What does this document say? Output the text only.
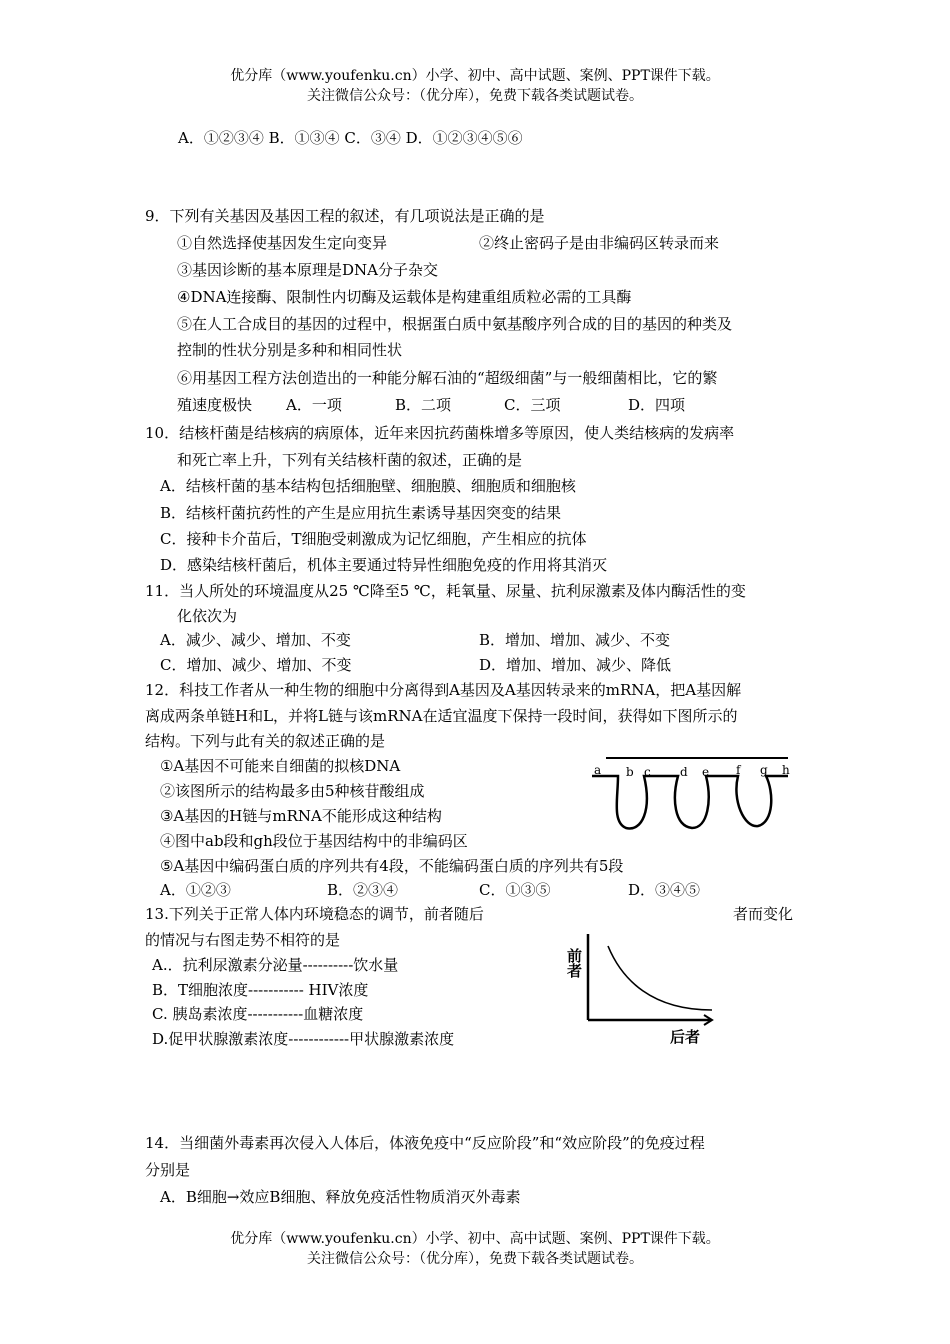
优分库（www.youfenku.cn）小学、初中、高中试题、案例、PPT课件下载。
关注微信公众号：（优分库），免费下载各类试题试卷。
A．①②③④ B．①③④ C．③④ D．①②③④⑤⑥
9．下列有关基因及基因工程的叙述，有几项说法是正确的是
①自然选择使基因发生定向变异	②终止密码子是由非编码区转录而来
③基因诊断的基本原理是DNA分子杂交
④DNA连接酶、限制性内切酶及运载体是构建重组质粒必需的工具酶
⑤在人工合成目的基因的过程中，根据蛋白质中氨基酸序列合成的目的基因的种类及
控制的性状分别是多种和相同性状
⑥用基因工程方法创造出的一种能分解石油的“超级细菌”与一般细菌相比，它的繁
殖速度极快 A．一项	B．二项	C．三项	D．四项
10．结核杆菌是结核病的病原体，近年来因抗药菌株增多等原因，使人类结核病的发病率
和死亡率上升，下列有关结核杆菌的叙述，正确的是
A．结核杆菌的基本结构包括细胞壁、细胞膜、细胞质和细胞核
B．结核杆菌抗药性的产生是应用抗生素诱导基因突变的结果
C．接种卡介苗后，T细胞受刺激成为记忆细胞，产生相应的抗体
D．感染结核杆菌后，机体主要通过特异性细胞免疫的作用将其消灭
11．当人所处的环境温度从25 ℃降至5 ℃，耗氧量、尿量、抗利尿激素及体内酶活性的变
化依次为
A．减少、减少、增加、不变	B．增加、增加、减少、不变
C．增加、减少、增加、不变	D．增加、增加、减少、降低
12．科技工作者从一种生物的细胞中分离得到A基因及A基因转录来的mRNA，把A基因解
离成两条单链H和L，并将L链与该mRNA在适宜温度下保持一段时间，获得如下图所示的
结构。下列与此有关的叙述正确的是
①A基因不可能来自细菌的拟核DNA
②该图所示的结构最多由5种核苷酸组成
③A基因的H链与mRNA不能形成这种结构
④图中ab段和gh段位于基因结构中的非编码区
⑤A基因中编码蛋白质的序列共有4段，不能编码蛋白质的序列共有5段
A．①②③	B．②③④	C．①③⑤	D．③④⑤
a b c d e f g h
13.下列关于正常人体内环境稳态的调节，前者随后	者而变化
的情况与右图走势不相符的是
A.．抗利尿激素分泌量----------饮水量
B．T细胞浓度----------- HIV浓度
C. 胰岛素浓度-----------血糖浓度
D.促甲状腺激素浓度------------甲状腺激素浓度
前者
后者
14．当细菌外毒素再次侵入人体后，体液免疫中“反应阶段”和“效应阶段”的免疫过程
分别是
A．B细胞→效应B细胞、释放免疫活性物质消灭外毒素
优分库（www.youfenku.cn）小学、初中、高中试题、案例、PPT课件下载。
关注微信公众号：（优分库），免费下载各类试题试卷。
